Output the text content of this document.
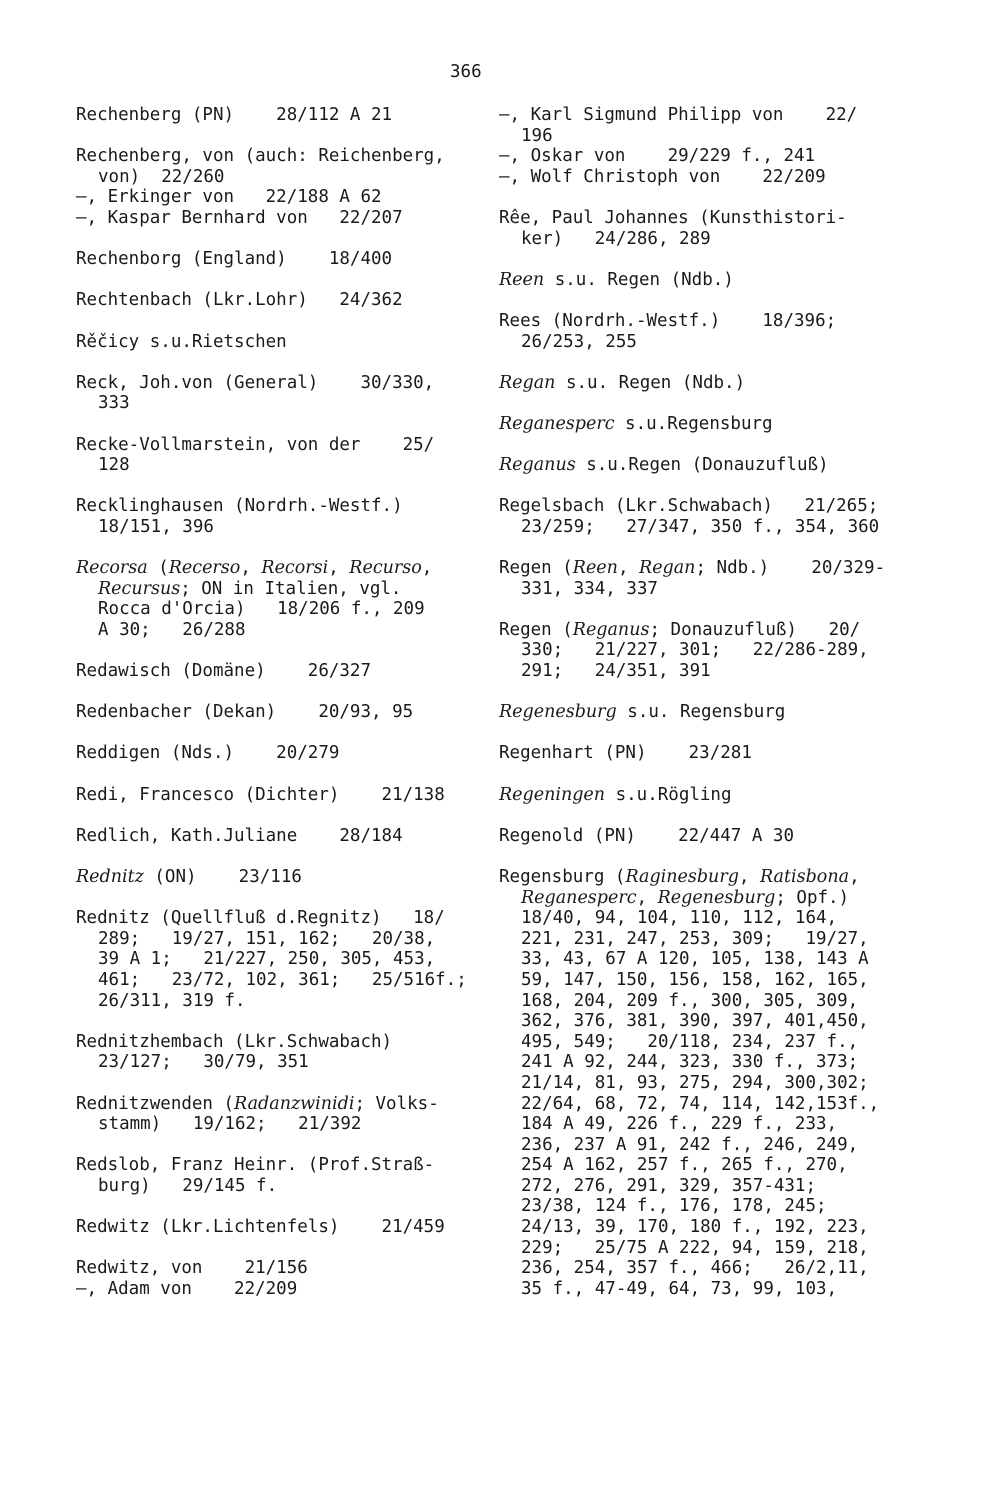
366
Rechenberg (PN)    28/112 A 21
Rechenberg, von (auch: Reichenberg,
von)  22/260
—, Erkinger von   22/188 A 62
—, Kaspar Bernhard von   22/207
Rechenborg (England)    18/400
Rechtenbach (Lkr.Lohr)   24/362
Rěčicy s.u.Rietschen
Reck, Joh.von (General)    30/330,
333
Recke-Vollmarstein, von der    25/
128
Recklinghausen (Nordrh.-Westf.)
18/151, 396
Recorsa (Recerso, Recorsi, Recurso,
Recursus; ON in Italien, vgl.
Rocca d'Orcia)   18/206 f., 209
A 30;   26/288
Redawisch (Domäne)    26/327
Redenbacher (Dekan)    20/93, 95
Reddigen (Nds.)    20/279
Redi, Francesco (Dichter)    21/138
Redlich, Kath.Juliane    28/184
Rednitz (ON)    23/116
Rednitz (Quellfluß d.Regnitz)   18/
289;   19/27, 151, 162;   20/38,
39 A 1;   21/227, 250, 305, 453,
461;   23/72, 102, 361;   25/516f.;
26/311, 319 f.
Rednitzhembach (Lkr.Schwabach)
23/127;   30/79, 351
Rednitzwenden (Radanzwinidi; Volks-
stamm)   19/162;   21/392
Redslob, Franz Heinr. (Prof.Straß-
burg)   29/145 f.
Redwitz (Lkr.Lichtenfels)    21/459
Redwitz, von    21/156
—, Adam von    22/209
—, Karl Sigmund Philipp von    22/
196
—, Oskar von    29/229 f., 241
—, Wolf Christoph von    22/209
Rêe, Paul Johannes (Kunsthistori-
ker)   24/286, 289
Reen s.u. Regen (Ndb.)
Rees (Nordrh.-Westf.)    18/396;
26/253, 255
Regan s.u. Regen (Ndb.)
Reganesperc s.u.Regensburg
Reganus s.u.Regen (Donauzufluß)
Regelsbach (Lkr.Schwabach)   21/265;
23/259;   27/347, 350 f., 354, 360
Regen (Reen, Regan; Ndb.)    20/329-
331, 334, 337
Regen (Reganus; Donauzufluß)   20/
330;   21/227, 301;   22/286-289,
291;   24/351, 391
Regenesburg s.u. Regensburg
Regenhart (PN)    23/281
Regeningen s.u.Rögling
Regenold (PN)    22/447 A 30
Regensburg (Raginesburg, Ratisbona,
Reganesperc, Regenesburg; Opf.)
18/40, 94, 104, 110, 112, 164,
221, 231, 247, 253, 309;   19/27,
33, 43, 67 A 120, 105, 138, 143 A
59, 147, 150, 156, 158, 162, 165,
168, 204, 209 f., 300, 305, 309,
362, 376, 381, 390, 397, 401,450,
495, 549;   20/118, 234, 237 f.,
241 A 92, 244, 323, 330 f., 373;
21/14, 81, 93, 275, 294, 300,302;
22/64, 68, 72, 74, 114, 142,153f.,
184 A 49, 226 f., 229 f., 233,
236, 237 A 91, 242 f., 246, 249,
254 A 162, 257 f., 265 f., 270,
272, 276, 291, 329, 357-431;
23/38, 124 f., 176, 178, 245;
24/13, 39, 170, 180 f., 192, 223,
229;   25/75 A 222, 94, 159, 218,
236, 254, 357 f., 466;   26/2,11,
35 f., 47-49, 64, 73, 99, 103,
